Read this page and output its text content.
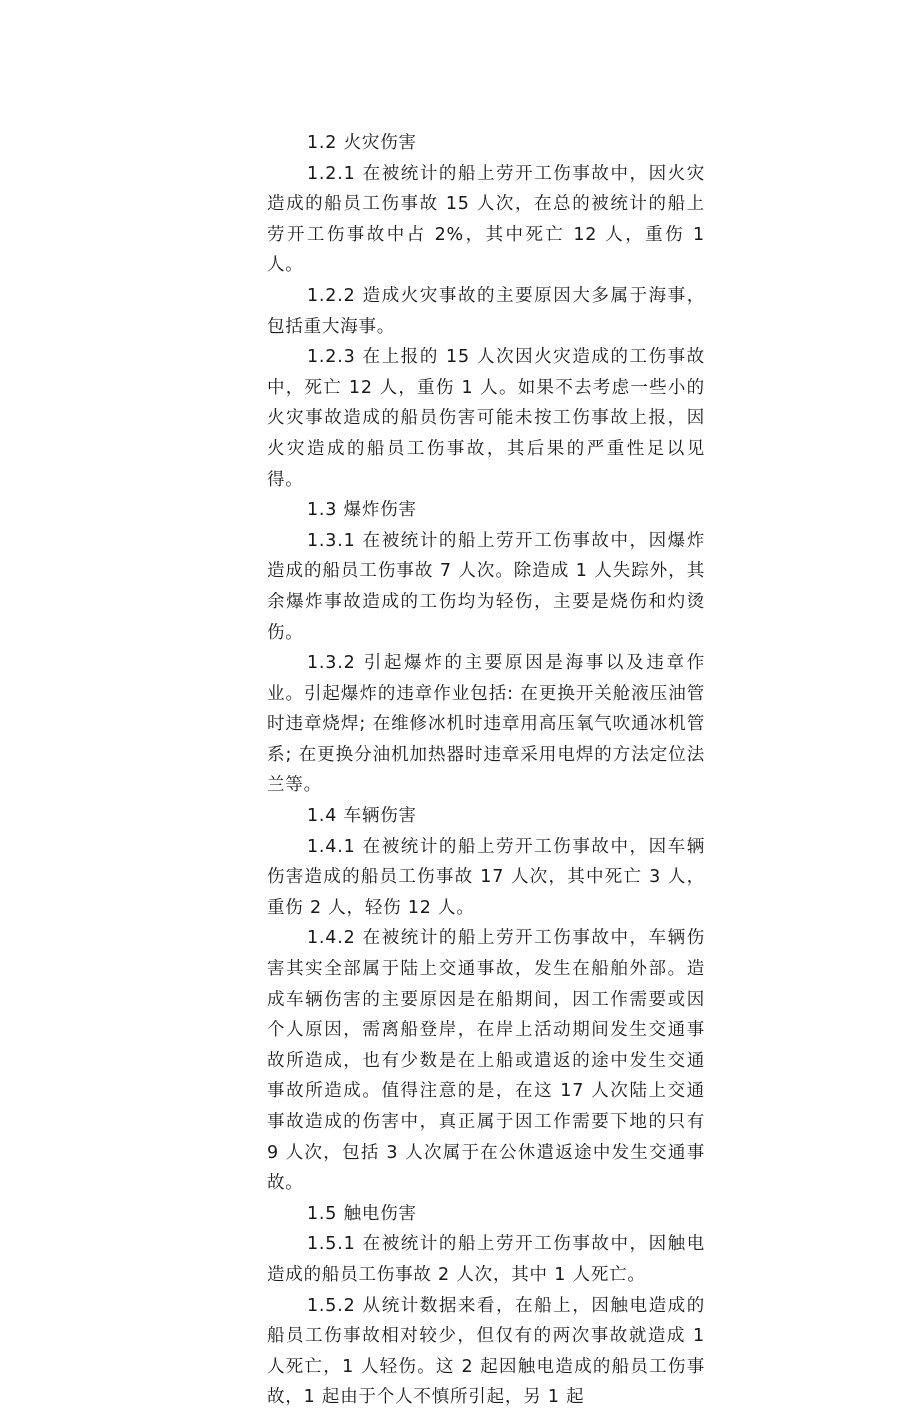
1.2 火灾伤害

1.2.1 在被统计的船上劳开工伤事故中，因火灾造成的船员工伤事故 15 人次，在总的被统计的船上劳开工伤事故中占 2%，其中死亡 12 人，重伤 1 人。

1.2.2 造成火灾事故的主要原因大多属于海事，包括重大海事。

1.2.3 在上报的 15 人次因火灾造成的工伤事故中，死亡 12 人，重伤 1 人。如果不去考虑一些小的火灾事故造成的船员伤害可能未按工伤事故上报，因火灾造成的船员工伤事故，其后果的严重性足以见得。

1.3 爆炸伤害

1.3.1 在被统计的船上劳开工伤事故中，因爆炸造成的船员工伤事故 7 人次。除造成 1 人失踪外，其余爆炸事故造成的工伤均为轻伤，主要是烧伤和灼烫伤。

1.3.2 引起爆炸的主要原因是海事以及违章作业。引起爆炸的违章作业包括: 在更换开关舱液压油管时违章烧焊; 在维修冰机时违章用高压氧气吹通冰机管系; 在更换分油机加热器时违章采用电焊的方法定位法兰等。

1.4 车辆伤害

1.4.1 在被统计的船上劳开工伤事故中，因车辆伤害造成的船员工伤事故 17 人次，其中死亡 3 人，重伤 2 人，轻伤 12 人。

1.4.2 在被统计的船上劳开工伤事故中，车辆伤害其实全部属于陆上交通事故，发生在船舶外部。造成车辆伤害的主要原因是在船期间，因工作需要或因个人原因，需离船登岸，在岸上活动期间发生交通事故所造成，也有少数是在上船或遣返的途中发生交通事故所造成。值得注意的是，在这 17 人次陆上交通事故造成的伤害中，真正属于因工作需要下地的只有 9 人次，包括 3 人次属于在公休遣返途中发生交通事故。

1.5 触电伤害

1.5.1 在被统计的船上劳开工伤事故中，因触电造成的船员工伤事故 2 人次，其中 1 人死亡。

1.5.2 从统计数据来看，在船上，因触电造成的船员工伤事故相对较少，但仅有的两次事故就造成 1 人死亡，1 人轻伤。这 2 起因触电造成的船员工伤事故，1 起由于个人不慎所引起，另 1 起
